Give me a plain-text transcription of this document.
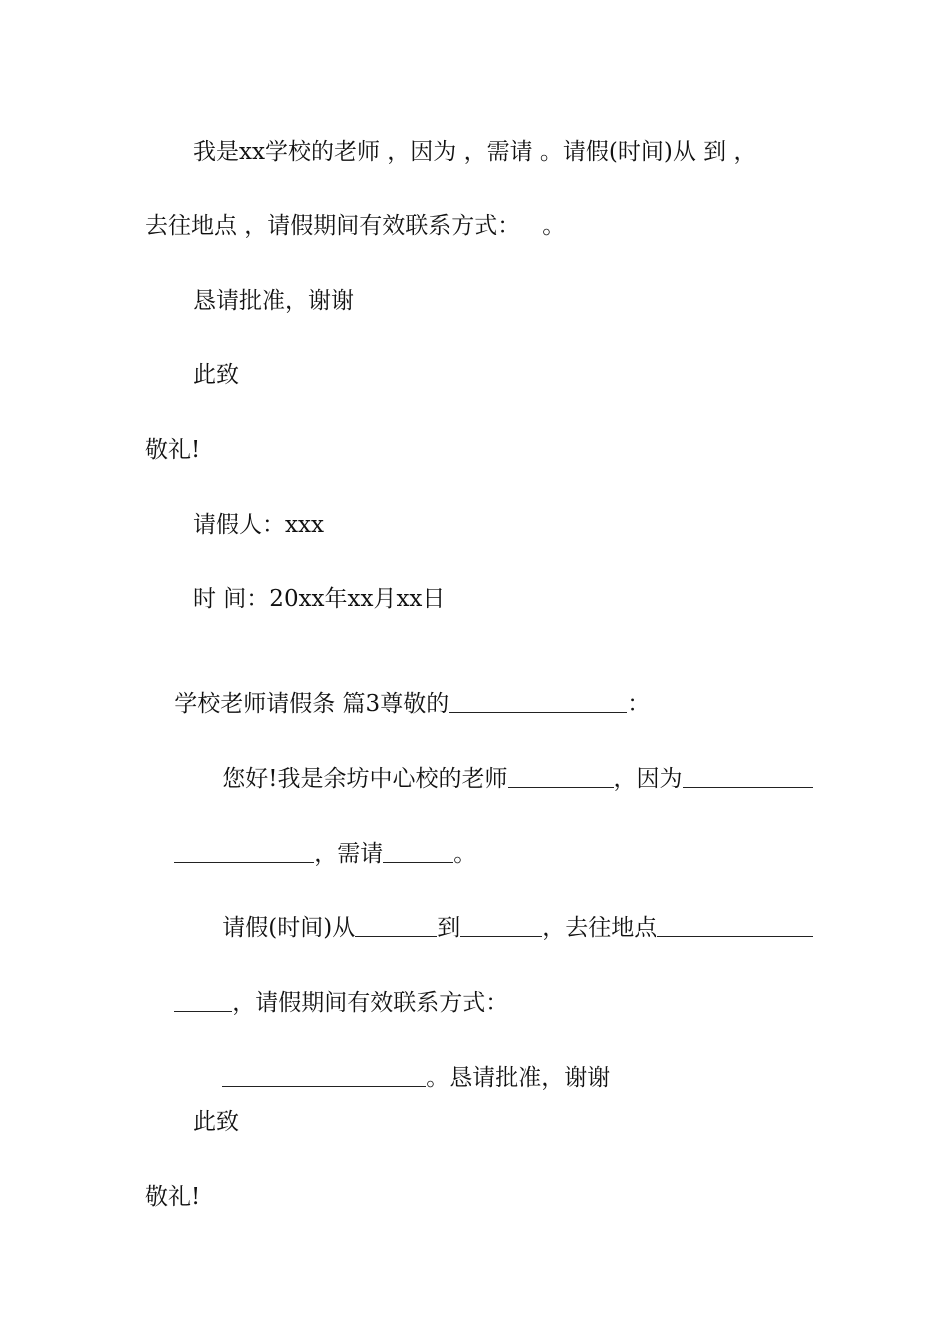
我是xx学校的老师 ，因为 ，需请 。请假(时间)从 到 ，
去往地点 ，请假期间有效联系方式：   。
恳请批准，谢谢
此致
敬礼!
请假人：xxx
时 间：20xx年xx月xx日

学校老师请假条 篇3尊敬的	：

您好!我是余坊中心校的老师	，因为

，需请	。

请假(时间)从	到	，去往地点

，请假期间有效联系方式：

。恳请批准，谢谢

此致
敬礼!
